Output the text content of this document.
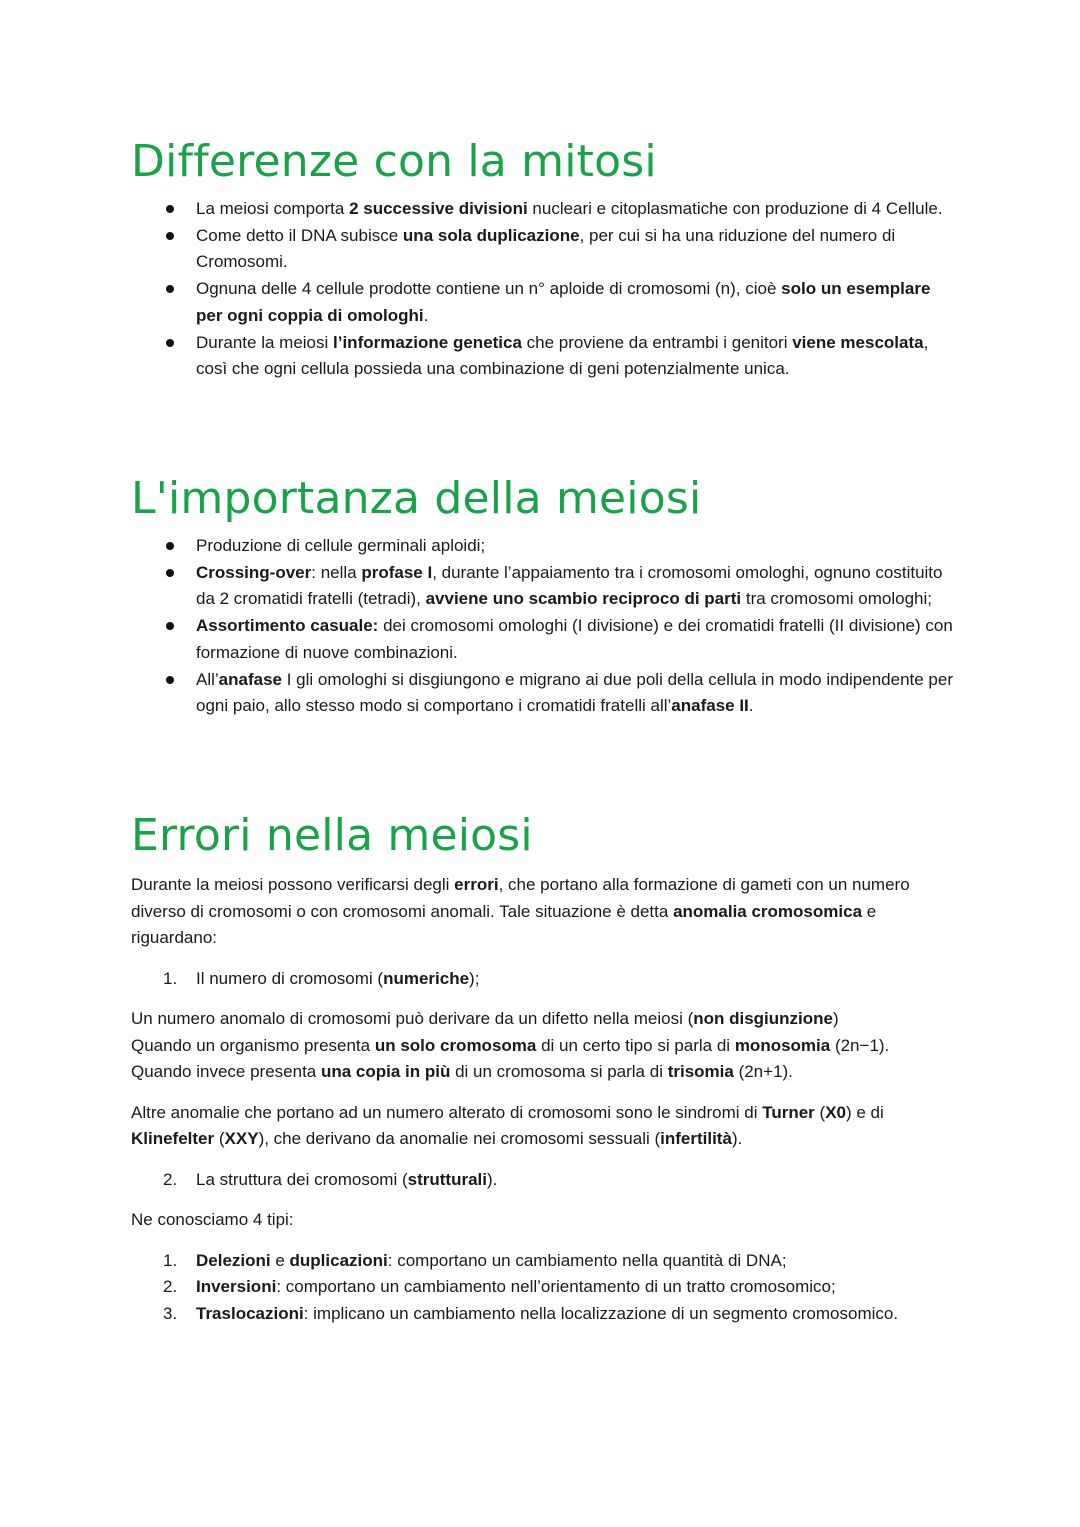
Differenze con la mitosi
La meiosi comporta 2 successive divisioni nucleari e citoplasmatiche con produzione di 4 Cellule.
Come detto il DNA subisce una sola duplicazione, per cui si ha una riduzione del numero di Cromosomi.
Ognuna delle 4 cellule prodotte contiene un n° aploide di cromosomi (n), cioè solo un esemplare per ogni coppia di omologhi.
Durante la meiosi l’informazione genetica che proviene da entrambi i genitori viene mescolata, così che ogni cellula possieda una combinazione di geni potenzialmente unica.
L'importanza della meiosi
Produzione di cellule germinali aploidi;
Crossing-over: nella profase I, durante l’appaiamento tra i cromosomi omologhi, ognuno costituito da 2 cromatidi fratelli (tetradi), avviene uno scambio reciproco di parti tra cromosomi omologhi;
Assortimento casuale: dei cromosomi omologhi (I divisione) e dei cromatidi fratelli (II divisione) con formazione di nuove combinazioni.
All’anafase I gli omologhi si disgiungono e migrano ai due poli della cellula in modo indipendente per ogni paio, allo stesso modo si comportano i cromatidi fratelli all’anafase II.
Errori nella meiosi

Durante la meiosi possono verificarsi degli errori, che portano alla formazione di gameti con un numero diverso di cromosomi o con cromosomi anomali. Tale situazione è detta anomalia cromosomica e riguardano:

1. Il numero di cromosomi (numeriche);

Un numero anomalo di cromosomi può derivare da un difetto nella meiosi (non disgiunzione)
Quando un organismo presenta un solo cromosoma di un certo tipo si parla di monosomia (2n−1).
Quando invece presenta una copia in più di un cromosoma si parla di trisomia (2n+1).

Altre anomalie che portano ad un numero alterato di cromosomi sono le sindromi di Turner (X0) e di Klinefelter (XXY), che derivano da anomalie nei cromosomi sessuali (infertilità).

2. La struttura dei cromosomi (strutturali).

Ne conosciamo 4 tipi:

1. Delezioni e duplicazioni: comportano un cambiamento nella quantità di DNA;
2. Inversioni: comportano un cambiamento nell’orientamento di un tratto cromosomico;
3. Traslocazioni: implicano un cambiamento nella localizzazione di un segmento cromosomico.
